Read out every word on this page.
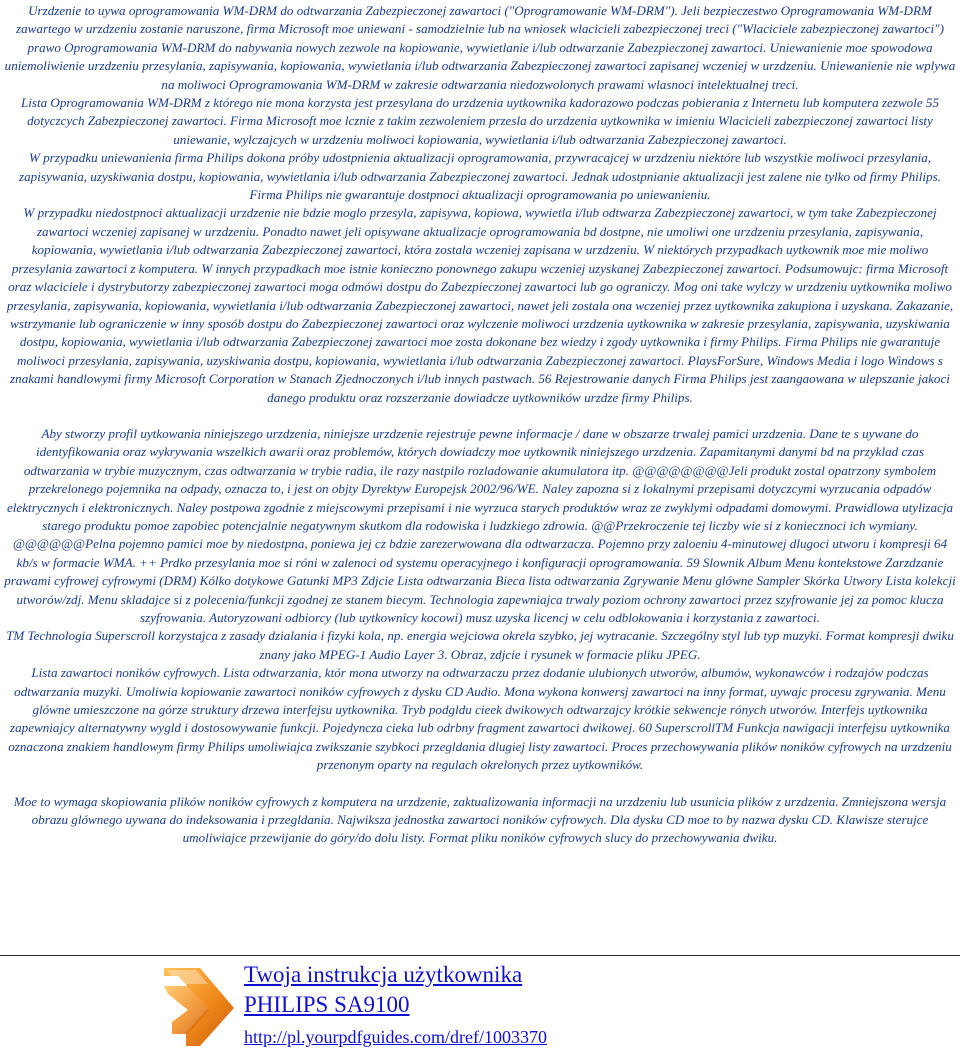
Urzdzenie to uywa oprogramowania WM-DRM do odtwarzania Zabezpieczonej zawartoci ("Oprogramowanie WM-DRM"). Jeli bezpieczestwo Oprogramowania WM-DRM zawartego w urzdzeniu zostanie naruszone, firma Microsoft moe uniewani - samodzielnie lub na wniosek wlacicieli zabezpieczonej treci ("Wlaciciele zabezpieczonej zawartoci") prawo Oprogramowania WM-DRM do nabywania nowych zezwole na kopiowanie, wywietlanie i/lub odtwarzanie Zabezpieczonej zawartoci. Uniewanienie moe spowodowa uniemoliwienie urzdzeniu przesylania, zapisywania, kopiowania, wywietlania i/lub odtwarzania Zabezpieczonej zawartoci zapisanej wczeniej w urzdzeniu. Uniewanienie nie wplywa na moliwoci Oprogramowania WM-DRM w zakresie odtwarzania niedozwolonych prawami wlasnoci intelektualnej treci.

Lista Oprogramowania WM-DRM z którego nie mona korzysta jest przesylana do urzdzenia uytkownika kadorazowo podczas pobierania z Internetu lub komputera zezwole 55 dotyczcych Zabezpieczonej zawartoci. Firma Microsoft moe lcznie z takim zezwoleniem przesla do urzdzenia uytkownika w imieniu Wlacicieli zabezpieczonej zawartoci listy uniewanie, wylczajcych w urzdzeniu moliwoci kopiowania, wywietlania i/lub odtwarzania Zabezpieczonej zawartoci.

W przypadku uniewanienia firma Philips dokona próby udostpnienia aktualizacji oprogramowania, przywracajcej w urzdzeniu niektóre lub wszystkie moliwoci przesylania, zapisywania, uzyskiwania dostpu, kopiowania, wywietlania i/lub odtwarzania Zabezpieczonej zawartoci. Jednak udostpnianie aktualizacji jest zalene nie tylko od firmy Philips. Firma Philips nie gwarantuje dostpnoci aktualizacji oprogramowania po uniewanieniu.

W przypadku niedostpnoci aktualizacji urzdzenie nie bdzie moglo przesyla, zapisywa, kopiowa, wywietla i/lub odtwarza Zabezpieczonej zawartoci, w tym take Zabezpieczonej zawartoci wczeniej zapisanej w urzdzeniu. Ponadto nawet jeli opisywane aktualizacje oprogramowania bd dostpne, nie umoliwi one urzdzeniu przesylania, zapisywania, kopiowania, wywietlania i/lub odtwarzania Zabezpieczonej zawartoci, która zostala wczeniej zapisana w urzdzeniu. W niektórych przypadkach uytkownik moe mie moliwo przesylania zawartoci z komputera. W innych przypadkach moe istnie konieczno ponownego zakupu wczeniej uzyskanej Zabezpieczonej zawartoci. Podsumowujc: firma Microsoft oraz wlaciciele i dystrybutorzy zabezpieczonej zawartoci moga odmówi dostpu do Zabezpieczonej zawartoci lub go ograniczy. Mog oni take wylczy w urzdzeniu uytkownika moliwo przesylania, zapisywania, kopiowania, wywietlania i/lub odtwarzania Zabezpieczonej zawartoci, nawet jeli zostala ona wczeniej przez uytkownika zakupiona i uzyskana. Zakazanie, wstrzymanie lub ograniczenie w inny sposób dostpu do Zabezpieczonej zawartoci oraz wylczenie moliwoci urzdzenia uytkownika w zakresie przesylania, zapisywania, uzyskiwania dostpu, kopiowania, wywietlania i/lub odtwarzania Zabezpieczonej zawartoci moe zosta dokonane bez wiedzy i zgody uytkownika i firmy Philips. Firma Philips nie gwarantuje moliwoci przesylania, zapisywania, uzyskiwania dostpu, kopiowania, wywietlania i/lub odtwarzania Zabezpieczonej zawartoci. PlaysForSure, Windows Media i logo Windows s znakami handlowymi firmy Microsoft Corporation w Stanach Zjednoczonych i/lub innych pastwach. 56 Rejestrowanie danych Firma Philips jest zaangaowana w ulepszanie jakoci danego produktu oraz rozszerzanie dowiadcze uytkowników urzdze firmy Philips.

Aby stworzy profil uytkowania niniejszego urzdzenia, niniejsze urzdzenie rejestruje pewne informacje / dane w obszarze trwalej pamici urzdzenia. Dane te s uywane do identyfikowania oraz wykrywania wszelkich awarii oraz problemów, których dowiadczy moe uytkownik niniejszego urzdzenia. Zapamitanymi danymi bd na przyklad czas odtwarzania w trybie muzycznym, czas odtwarzania w trybie radia, ile razy nastpilo rozladowanie akumulatora itp. @@@@@@@@Jeli produkt zostal opatrzony symbolem przekrelonego pojemnika na odpady, oznacza to, i jest on objty Dyrektyw Europejsk 2002/96/WE. Naley zapozna si z lokalnymi przepisami dotyczcymi wyrzucania odpadów elektrycznych i elektronicznych. Naley postpowa zgodnie z miejscowymi przepisami i nie wyrzuca starych produktów wraz ze zwyklymi odpadami domowymi. Prawidlowa utylizacja starego produktu pomoe zapobiec potencjalnie negatywnym skutkom dla rodowiska i ludzkiego zdrowia. @@Przekroczenie tej liczby wie si z koniecznoci ich wymiany. @@@@@@Pelna pojemno pamici moe by niedostpna, poniewa jej cz bdzie zarezerwowana dla odtwarzacza. Pojemno przy zaloeniu 4-minutowej dlugoci utworu i kompresji 64 kb/s w formacie WMA. ++ Prdko przesylania moe si róni w zalenoci od systemu operacyjnego i konfiguracji oprogramowania. 59 Slownik Album Menu kontekstowe Zarzdzanie prawami cyfrowej cyfrowymi (DRM) Kólko dotykowe Gatunki MP3 Zdjcie Lista odtwarzania Bieca lista odtwarzania Zgrywanie Menu glówne Sampler Skórka Utwory Lista kolekcji utworów/zdj. Menu skladajce si z polecenia/funkcji zgodnej ze stanem biecym. Technologia zapewniajca trwaly poziom ochrony zawartoci przez szyfrowanie jej za pomoc klucza szyfrowania. Autoryzowani odbiorcy (lub uytkownicy kocowi) musz uzyska licencj w celu odblokowania i korzystania z zawartoci.

TM Technologia Superscroll korzystajca z zasady dzialania i fizyki kola, np. energia wejciowa okrela szybko, jej wytracanie. Szczególny styl lub typ muzyki. Format kompresji dwiku znany jako MPEG-1 Audio Layer 3. Obraz, zdjcie i rysunek w formacie pliku JPEG.

Lista zawartoci noników cyfrowych. Lista odtwarzania, któr mona utworzy na odtwarzaczu przez dodanie ulubionych utworów, albumów, wykonawców i rodzajów podczas odtwarzania muzyki. Umoliwia kopiowanie zawartoci noników cyfrowych z dysku CD Audio. Mona wykona konwersj zawartoci na inny format, uywajc procesu zgrywania. Menu glówne umieszczone na górze struktury drzewa interfejsu uytkownika. Tryb podgldu cieek dwikowych odtwarzajcy krótkie sekwencje rónych utworów. Interfejs uytkownika zapewniajcy alternatywny wygld i dostosowywanie funkcji. Pojedyncza cieka lub odrbny fragment zawartoci dwikowej. 60 SuperscrollTM Funkcja nawigacji interfejsu uytkownika oznaczona znakiem handlowym firmy Philips umoliwiajca zwikszanie szybkoci przegldania dlugiej listy zawartoci. Proces przechowywania plików noników cyfrowych na urzdzeniu przenonym oparty na regulach okrelonych przez uytkowników.

Moe to wymaga skopiowania plików noników cyfrowych z komputera na urzdzenie, zaktualizowania informacji na urzdzeniu lub usunicia plików z urzdzenia. Zmniejszona wersja obrazu glównego uywana do indeksowania i przegldania. Najwiksza jednostka zawartoci noników cyfrowych. Dla dysku CD moe to by nazwa dysku CD. Klawisze sterujce umoliwiajce przewijanie do góry/do dolu listy. Format pliku noników cyfrowych slucy do przechowywania dwiku.

Twoja instrukcja użytkownika
PHILIPS SA9100
http://pl.yourpdfguides.com/dref/1003370
